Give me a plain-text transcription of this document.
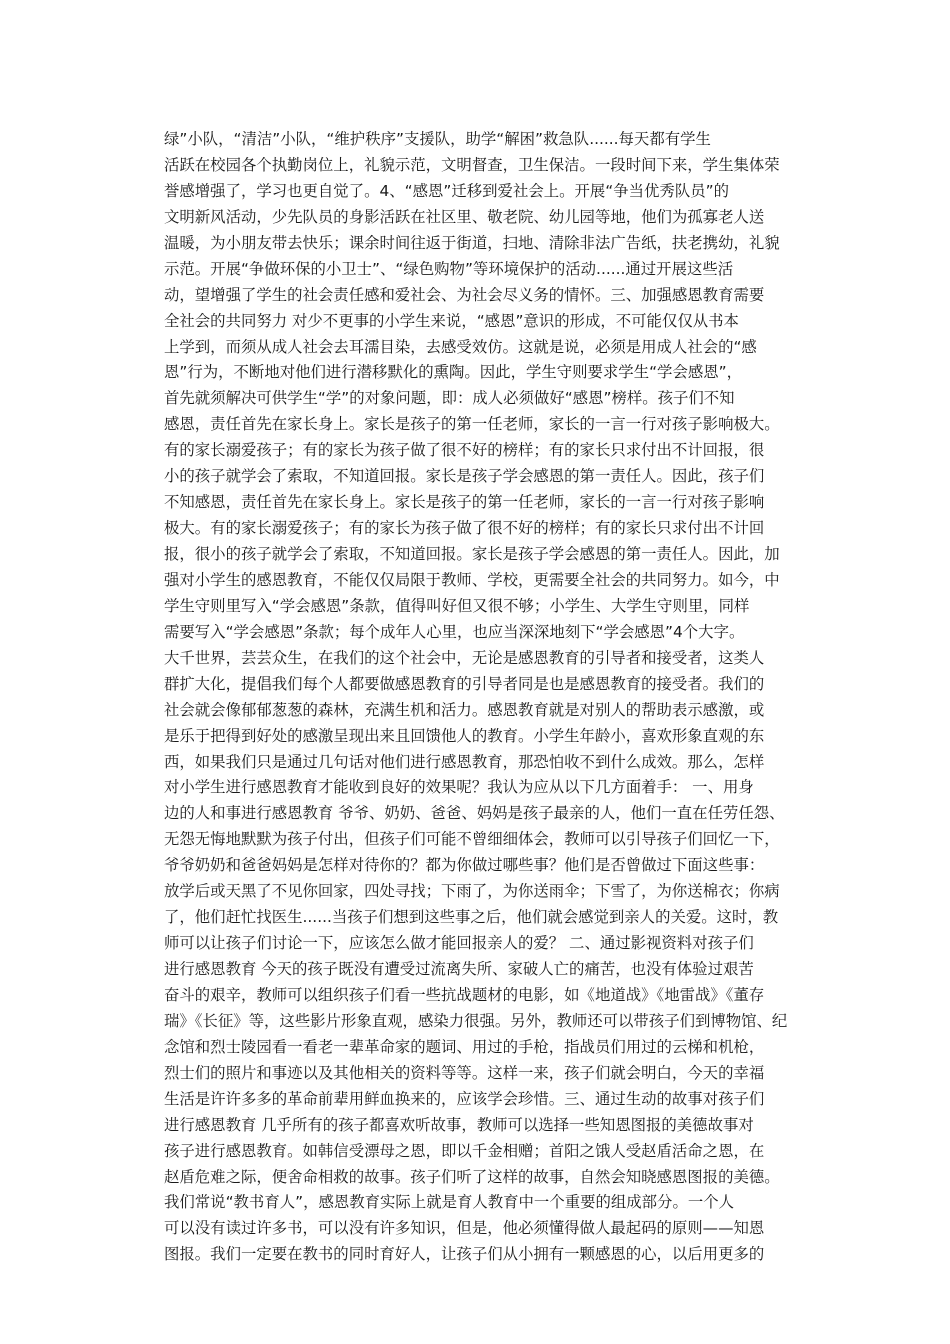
绿”小队，“清洁”小队，“维护秩序”支援队，助学“解困”救急队......每天都有学生
活跃在校园各个执勤岗位上，礼貌示范，文明督查，卫生保洁。一段时间下来，学生集体荣
誉感增强了，学习也更自觉了。4、“感恩”迁移到爱社会上。开展“争当优秀队员”的
文明新风活动，少先队员的身影活跃在社区里、敬老院、幼儿园等地，他们为孤寡老人送
温暖，为小朋友带去快乐；课余时间往返于街道，扫地、清除非法广告纸，扶老携幼，礼貌
示范。开展“争做环保的小卫士”、“绿色购物”等环境保护的活动......通过开展这些活
动，望增强了学生的社会责任感和爱社会、为社会尽义务的情怀。三、加强感恩教育需要
全社会的共同努力 对少不更事的小学生来说，“感恩”意识的形成，不可能仅仅从书本
上学到，而须从成人社会去耳濡目染，去感受效仿。这就是说，必须是用成人社会的“感
恩”行为，不断地对他们进行潜移默化的熏陶。因此，学生守则要求学生“学会感恩”，
首先就须解决可供学生“学”的对象问题，即：成人必须做好“感恩”榜样。孩子们不知
感恩，责任首先在家长身上。家长是孩子的第一任老师，家长的一言一行对孩子影响极大。
有的家长溺爱孩子；有的家长为孩子做了很不好的榜样；有的家长只求付出不计回报，很
小的孩子就学会了索取，不知道回报。家长是孩子学会感恩的第一责任人。因此，孩子们
不知感恩，责任首先在家长身上。家长是孩子的第一任老师，家长的一言一行对孩子影响
极大。有的家长溺爱孩子；有的家长为孩子做了很不好的榜样；有的家长只求付出不计回
报，很小的孩子就学会了索取，不知道回报。家长是孩子学会感恩的第一责任人。因此，加
强对小学生的感恩教育，不能仅仅局限于教师、学校，更需要全社会的共同努力。如今，中
学生守则里写入“学会感恩”条款，值得叫好但又很不够；小学生、大学生守则里，同样
需要写入“学会感恩”条款；每个成年人心里，也应当深深地刻下“学会感恩”4个大字。
大千世界，芸芸众生，在我们的这个社会中，无论是感恩教育的引导者和接受者，这类人
群扩大化，提倡我们每个人都要做感恩教育的引导者同是也是感恩教育的接受者。我们的
社会就会像郁郁葱葱的森林，充满生机和活力。感恩教育就是对别人的帮助表示感激，或
是乐于把得到好处的感激呈现出来且回馈他人的教育。小学生年龄小，喜欢形象直观的东
西，如果我们只是通过几句话对他们进行感恩教育，那恐怕收不到什么成效。那么，怎样
对小学生进行感恩教育才能收到良好的效果呢？我认为应从以下几方面着手： 一、用身
边的人和事进行感恩教育 爷爷、奶奶、爸爸、妈妈是孩子最亲的人，他们一直在任劳任怨、
无怨无悔地默默为孩子付出，但孩子们可能不曾细细体会，教师可以引导孩子们回忆一下，
爷爷奶奶和爸爸妈妈是怎样对待你的？都为你做过哪些事？他们是否曾做过下面这些事：
放学后或天黑了不见你回家，四处寻找；下雨了，为你送雨伞；下雪了，为你送棉衣；你病
了，他们赶忙找医生......当孩子们想到这些事之后，他们就会感觉到亲人的关爱。这时，教
师可以让孩子们讨论一下，应该怎么做才能回报亲人的爱？ 二、通过影视资料对孩子们
进行感恩教育 今天的孩子既没有遭受过流离失所、家破人亡的痛苦，也没有体验过艰苦
奋斗的艰辛，教师可以组织孩子们看一些抗战题材的电影，如《地道战》《地雷战》《董存
瑞》《长征》等，这些影片形象直观，感染力很强。另外，教师还可以带孩子们到博物馆、纪
念馆和烈士陵园看一看老一辈革命家的题词、用过的手枪，指战员们用过的云梯和机枪，
烈士们的照片和事迹以及其他相关的资料等等。这样一来，孩子们就会明白，今天的幸福
生活是许许多多的革命前辈用鲜血换来的，应该学会珍惜。三、通过生动的故事对孩子们
进行感恩教育 几乎所有的孩子都喜欢听故事，教师可以选择一些知恩图报的美德故事对
孩子进行感恩教育。如韩信受漂母之恩，即以千金相赠；首阳之饿人受赵盾活命之恩，在
赵盾危难之际，便舍命相救的故事。孩子们听了这样的故事，自然会知晓感恩图报的美德。
我们常说“教书育人”，感恩教育实际上就是育人教育中一个重要的组成部分。一个人
可以没有读过许多书，可以没有许多知识，但是，他必须懂得做人最起码的原则——知恩
图报。我们一定要在教书的同时育好人，让孩子们从小拥有一颗感恩的心，以后用更多的
